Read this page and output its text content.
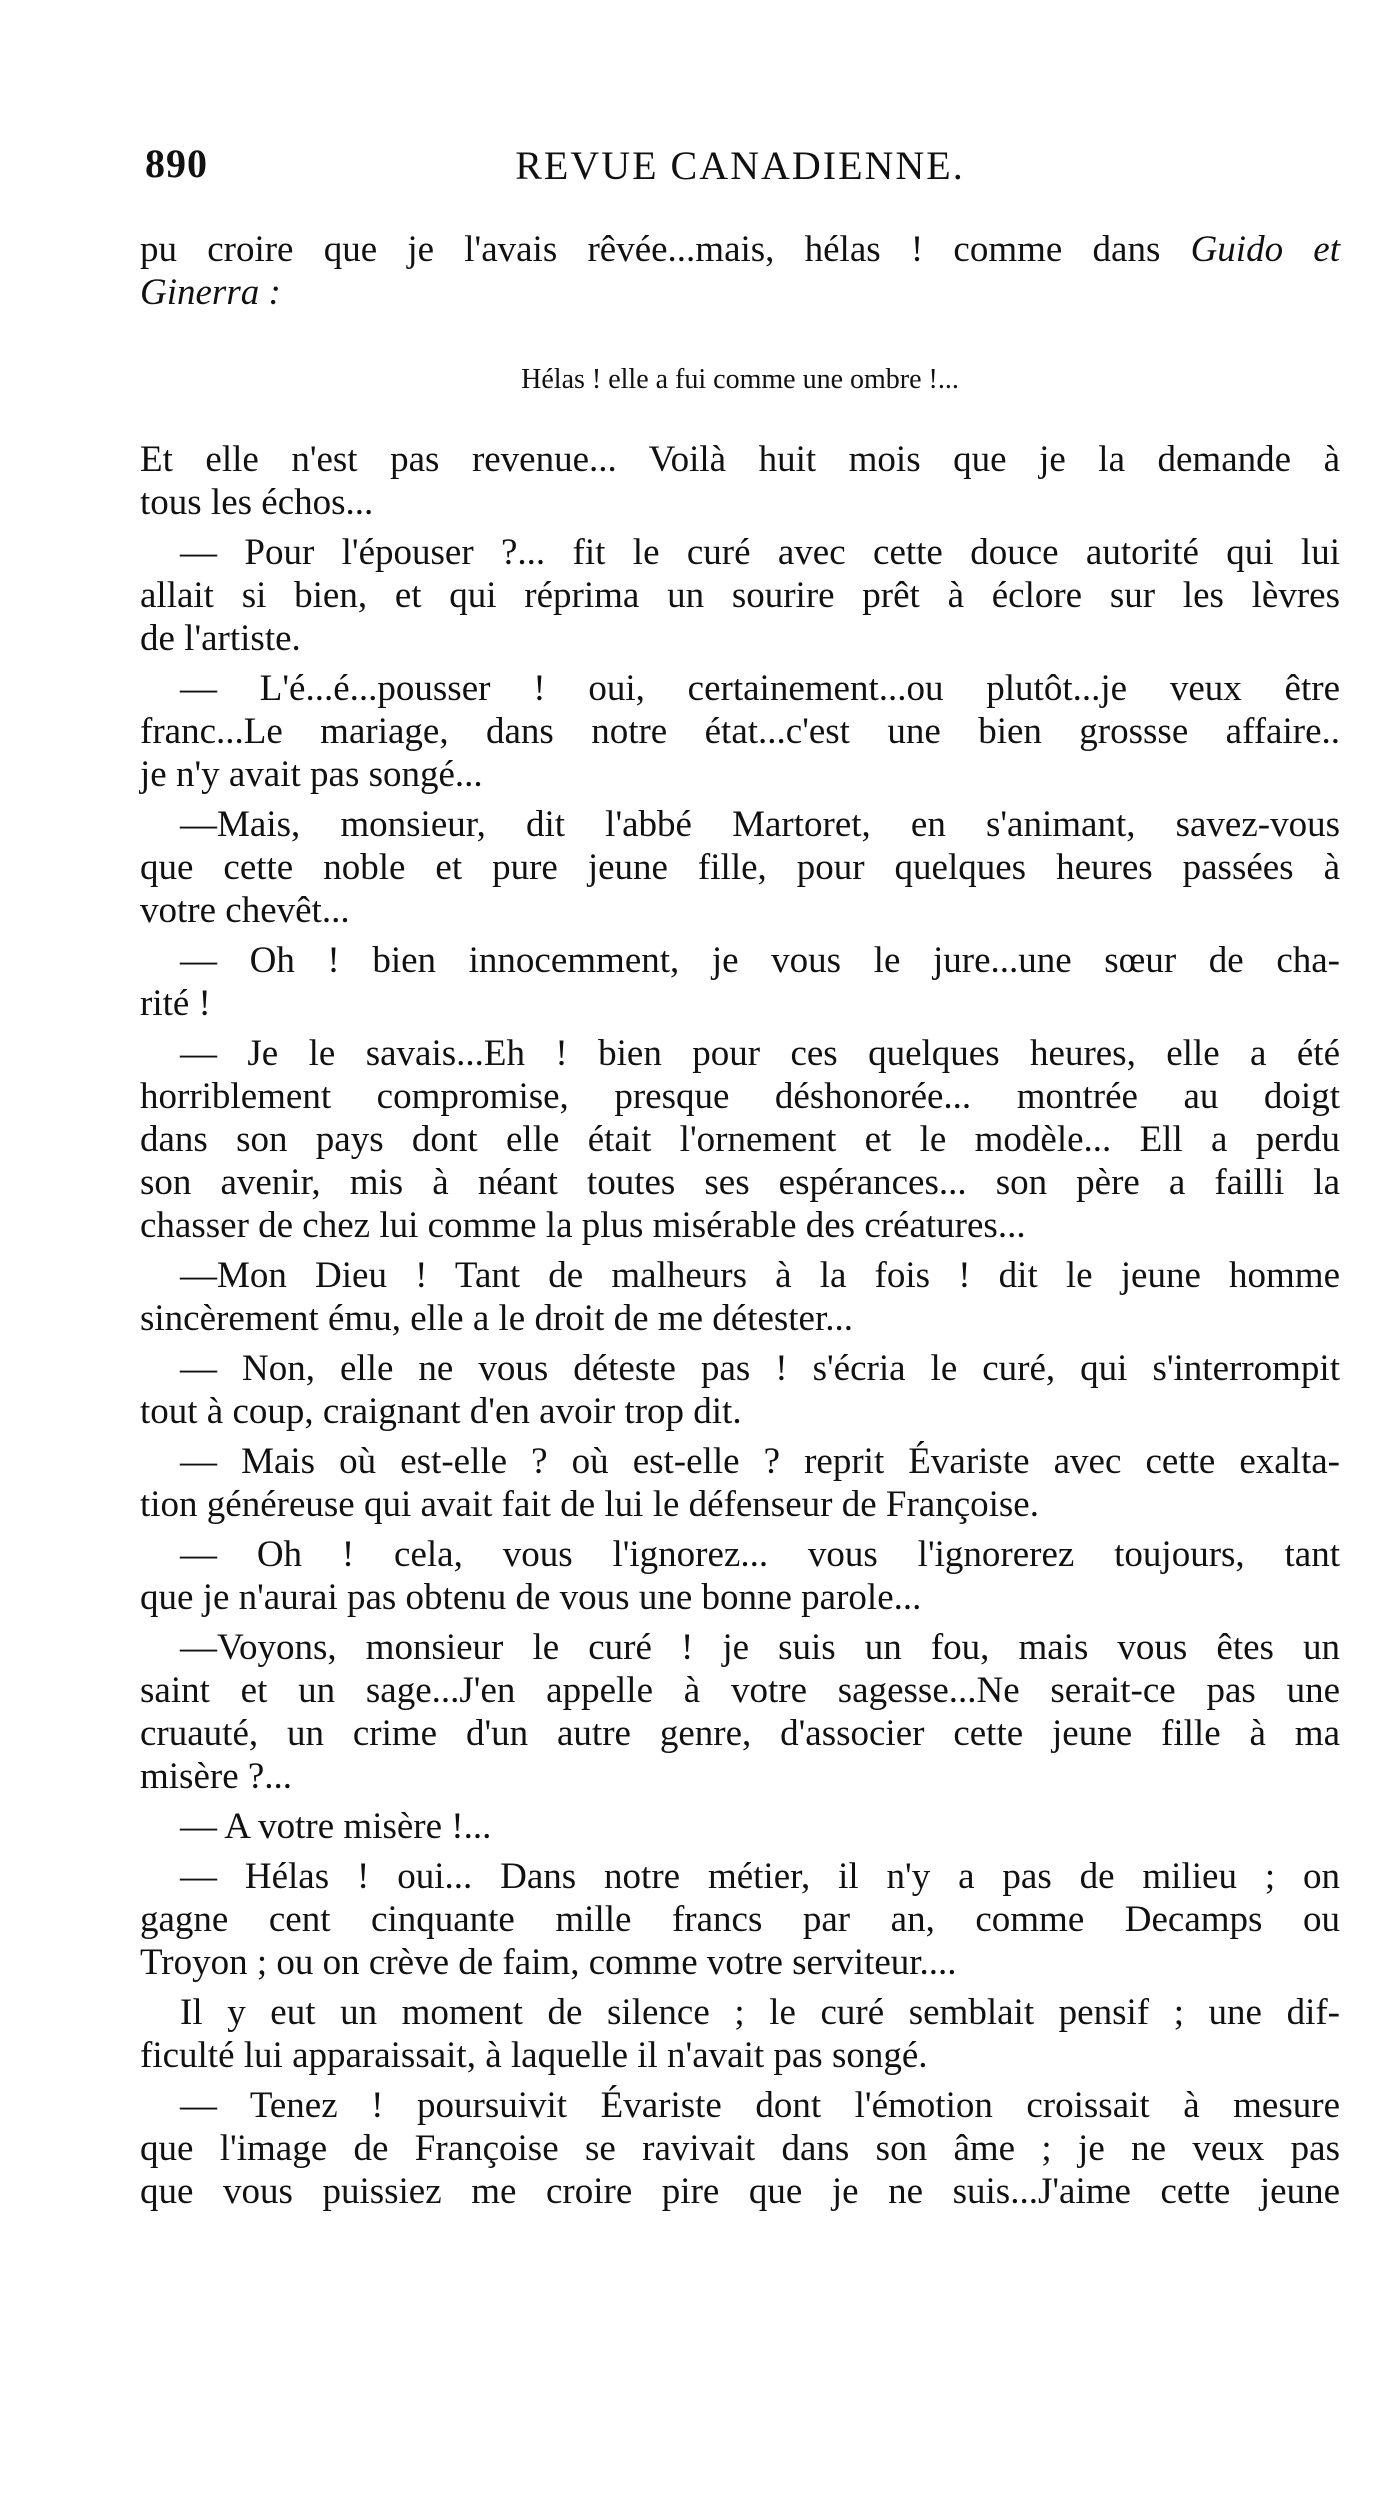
890	REVUE CANADIENNE.
pu croire que je l'avais rêvée...mais, hélas ! comme dans Guido et
Ginerra :
Hélas ! elle a fui comme une ombre !...
Et elle n'est pas revenue... Voilà huit mois que je la demande à
tous les échos...
— Pour l'épouser ?... fit le curé avec cette douce autorité qui lui
allait si bien, et qui réprima un sourire prêt à éclore sur les lèvres
de l'artiste.
— L'é...é...pousser ! oui, certainement...ou plutôt...je veux être
franc...Le mariage, dans notre état...c'est une bien grossse affaire..
je n'y avait pas songé...
—Mais, monsieur, dit l'abbé Martoret, en s'animant, savez-vous
que cette noble et pure jeune fille, pour quelques heures passées à
votre chevêt...
— Oh ! bien innocemment, je vous le jure...une sœur de cha-
rité !
— Je le savais...Eh ! bien pour ces quelques heures, elle a été
horriblement compromise, presque déshonorée... montrée au doigt
dans son pays dont elle était l'ornement et le modèle... Ell a perdu
son avenir, mis à néant toutes ses espérances... son père a failli la
chasser de chez lui comme la plus misérable des créatures...
—Mon Dieu ! Tant de malheurs à la fois ! dit le jeune homme
sincèrement ému, elle a le droit de me détester...
— Non, elle ne vous déteste pas ! s'écria le curé, qui s'interrompit
tout à coup, craignant d'en avoir trop dit.
— Mais où est-elle ? où est-elle ? reprit Évariste avec cette exalta-
tion généreuse qui avait fait de lui le défenseur de Françoise.
— Oh ! cela, vous l'ignorez... vous l'ignorerez toujours, tant
que je n'aurai pas obtenu de vous une bonne parole...
—Voyons, monsieur le curé ! je suis un fou, mais vous êtes un
saint et un sage...J'en appelle à votre sagesse...Ne serait-ce pas une
cruauté, un crime d'un autre genre, d'associer cette jeune fille à ma
misère ?...
— A votre misère !...
— Hélas ! oui... Dans notre métier, il n'y a pas de milieu ; on
gagne cent cinquante mille francs par an, comme Decamps ou
Troyon ; ou on crève de faim, comme votre serviteur....
Il y eut un moment de silence ; le curé semblait pensif ; une dif-
ficulté lui apparaissait, à laquelle il n'avait pas songé.
— Tenez ! poursuivit Évariste dont l'émotion croissait à mesure
que l'image de Françoise se ravivait dans son âme ; je ne veux pas
que vous puissiez me croire pire que je ne suis...J'aime cette jeune
